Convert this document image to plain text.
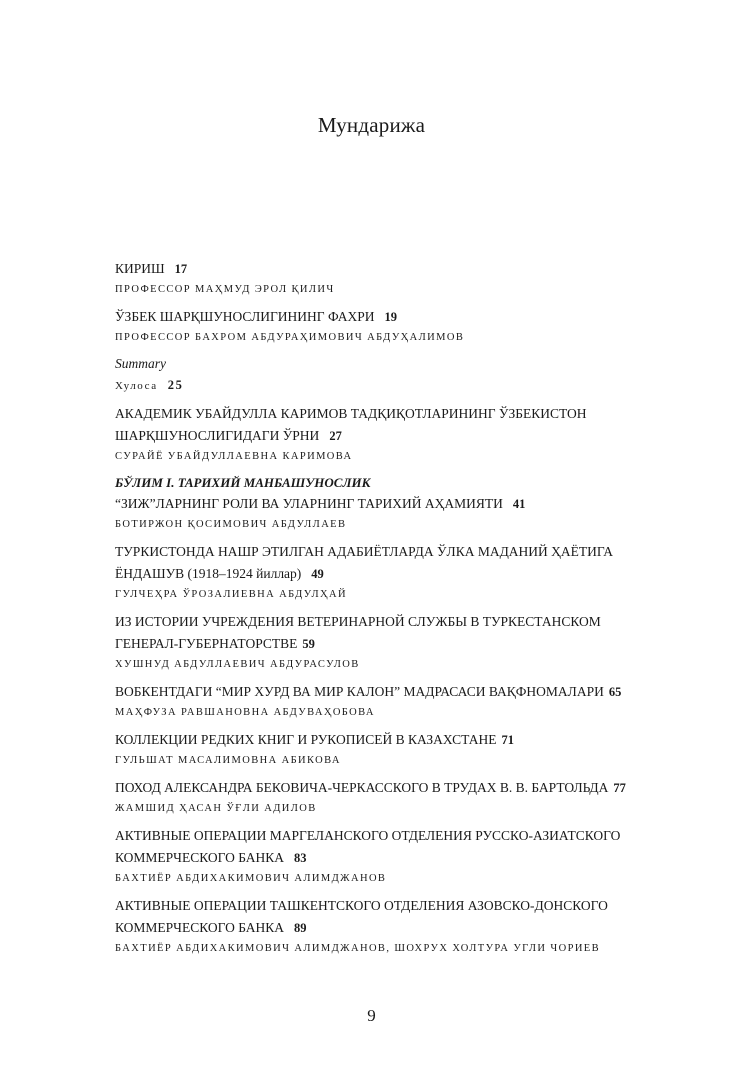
Мундарижа
КИРИШ 17
ПРОФЕССОР МАҲМУД ЭРОЛ ҚИЛИЧ
ЎЗБЕК ШАРҚШУНОСЛИГИНИНГ ФАХРИ 19
ПРОФЕССОР БАХРОМ АБДУРАҲИМОВИЧ АБДУҲАЛИМОВ
Summary
Хулоса 25
АКАДЕМИК УБАЙДУЛЛА КАРИМОВ ТАДҚИҚОТЛАРИНИНГ ЎЗБЕКИСТОН
ШАРҚШУНОСЛИГИДАГИ ЎРНИ 27
СУРАЙЁ УБАЙДУЛЛАЕВНА КАРИМОВА
БЎЛИМ I. ТАРИХИЙ МАНБАШУНОСЛИК
“ЗИЖ”ЛАРНИНГ РОЛИ ВА УЛАРНИНГ ТАРИХИЙ АҲАМИЯТИ 41
БОТИРЖОН ҚОСИМОВИЧ АБДУЛЛАЕВ
ТУРКИСТОНДА НАШР ЭТИЛГАН АДАБИЁТЛАРДА ЎЛКА МАДАНИЙ ҲАЁТИГА
ЁНДАШУВ (1918–1924 йиллар) 49
ГУЛЧЕҲРА ЎРОЗАЛИЕВНА АБДУЛҲАЙ
ИЗ ИСТОРИИ УЧРЕЖДЕНИЯ ВЕТЕРИНАРНОЙ СЛУЖБЫ В ТУРКЕСТАНСКОМ
ГЕНЕРАЛ-ГУБЕРНАТОРСТВЕ 59
ХУШНУД АБДУЛЛАЕВИЧ АБДУРАСУЛОВ
ВОБКЕНТДАГИ “МИР ХУРД ВА МИР КАЛОН” МАДРАСАСИ ВАҚФНОМАЛАРИ 65
МАҲФУЗА РАВШАНОВНА АБДУВАҲОБОВА
КОЛЛЕКЦИИ РЕДКИХ КНИГ И РУКОПИСЕЙ В КАЗАХСТАНЕ 71
ГУЛЬШАТ МАСАЛИМОВНА АБИКОВА
ПОХОД АЛЕКСАНДРА БЕКОВИЧА-ЧЕРКАССКОГО В ТРУДАХ В. В. БАРТОЛЬДА 77
ЖАМШИД ҲАСАН ЎҒЛИ АДИЛОВ
АКТИВНЫЕ ОПЕРАЦИИ МАРГЕЛАНСКОГО ОТДЕЛЕНИЯ РУССКО-АЗИАТСКОГО
КОММЕРЧЕСКОГО БАНКА 83
БАХТИЁР АБДИХАКИМОВИЧ АЛИМДЖАНОВ
АКТИВНЫЕ ОПЕРАЦИИ ТАШКЕНТСКОГО ОТДЕЛЕНИЯ АЗОВСКО-ДОНСКОГО
КОММЕРЧЕСКОГО БАНКА 89
БАХТИЁР АБДИХАКИМОВИЧ АЛИМДЖАНОВ, ШОХРУХ ХОЛТУРА УГЛИ ЧОРИЕВ
9
